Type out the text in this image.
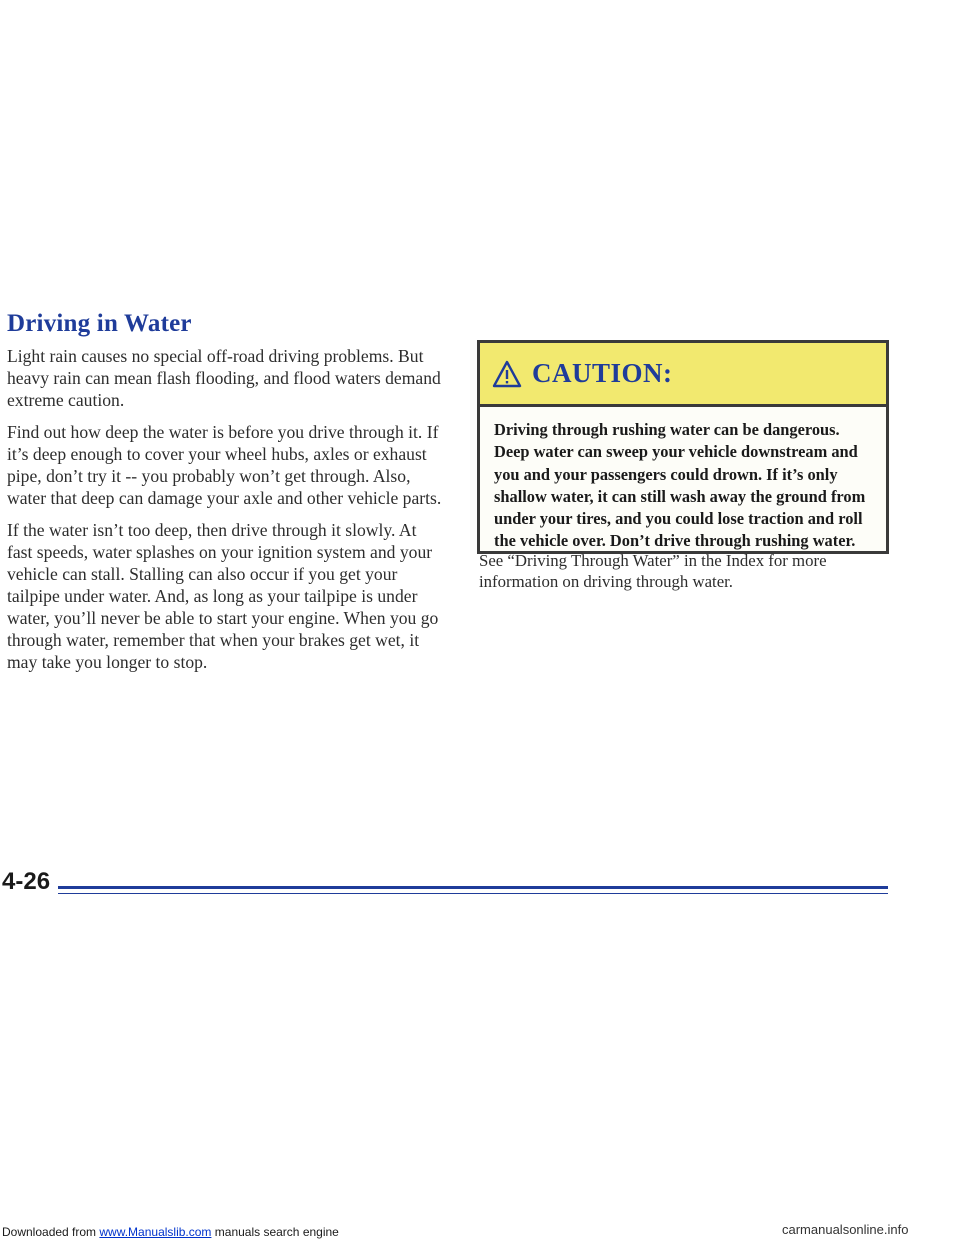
Driving in Water

Light rain causes no special off-road driving problems. But heavy rain can mean flash flooding, and flood waters demand extreme caution.

Find out how deep the water is before you drive through it. If it’s deep enough to cover your wheel hubs, axles or exhaust pipe, don’t try it -- you probably won’t get through. Also, water that deep can damage your axle and other vehicle parts.

If the water isn’t too deep, then drive through it slowly. At fast speeds, water splashes on your ignition system and your vehicle can stall. Stalling can also occur if you get your tailpipe under water. And, as long as your tailpipe is under water, you’ll never be able to start your engine. When you go through water, remember that when your brakes get wet, it may take you longer to stop.

CAUTION:
Driving through rushing water can be dangerous. Deep water can sweep your vehicle downstream and you and your passengers could drown. If it’s only shallow water, it can still wash away the ground from under your tires, and you could lose traction and roll the vehicle over. Don’t drive through rushing water.
See “Driving Through Water” in the Index for more information on driving through water.
4-26
Downloaded from www.Manualslib.com manuals search engine	carmanualsonline.info
